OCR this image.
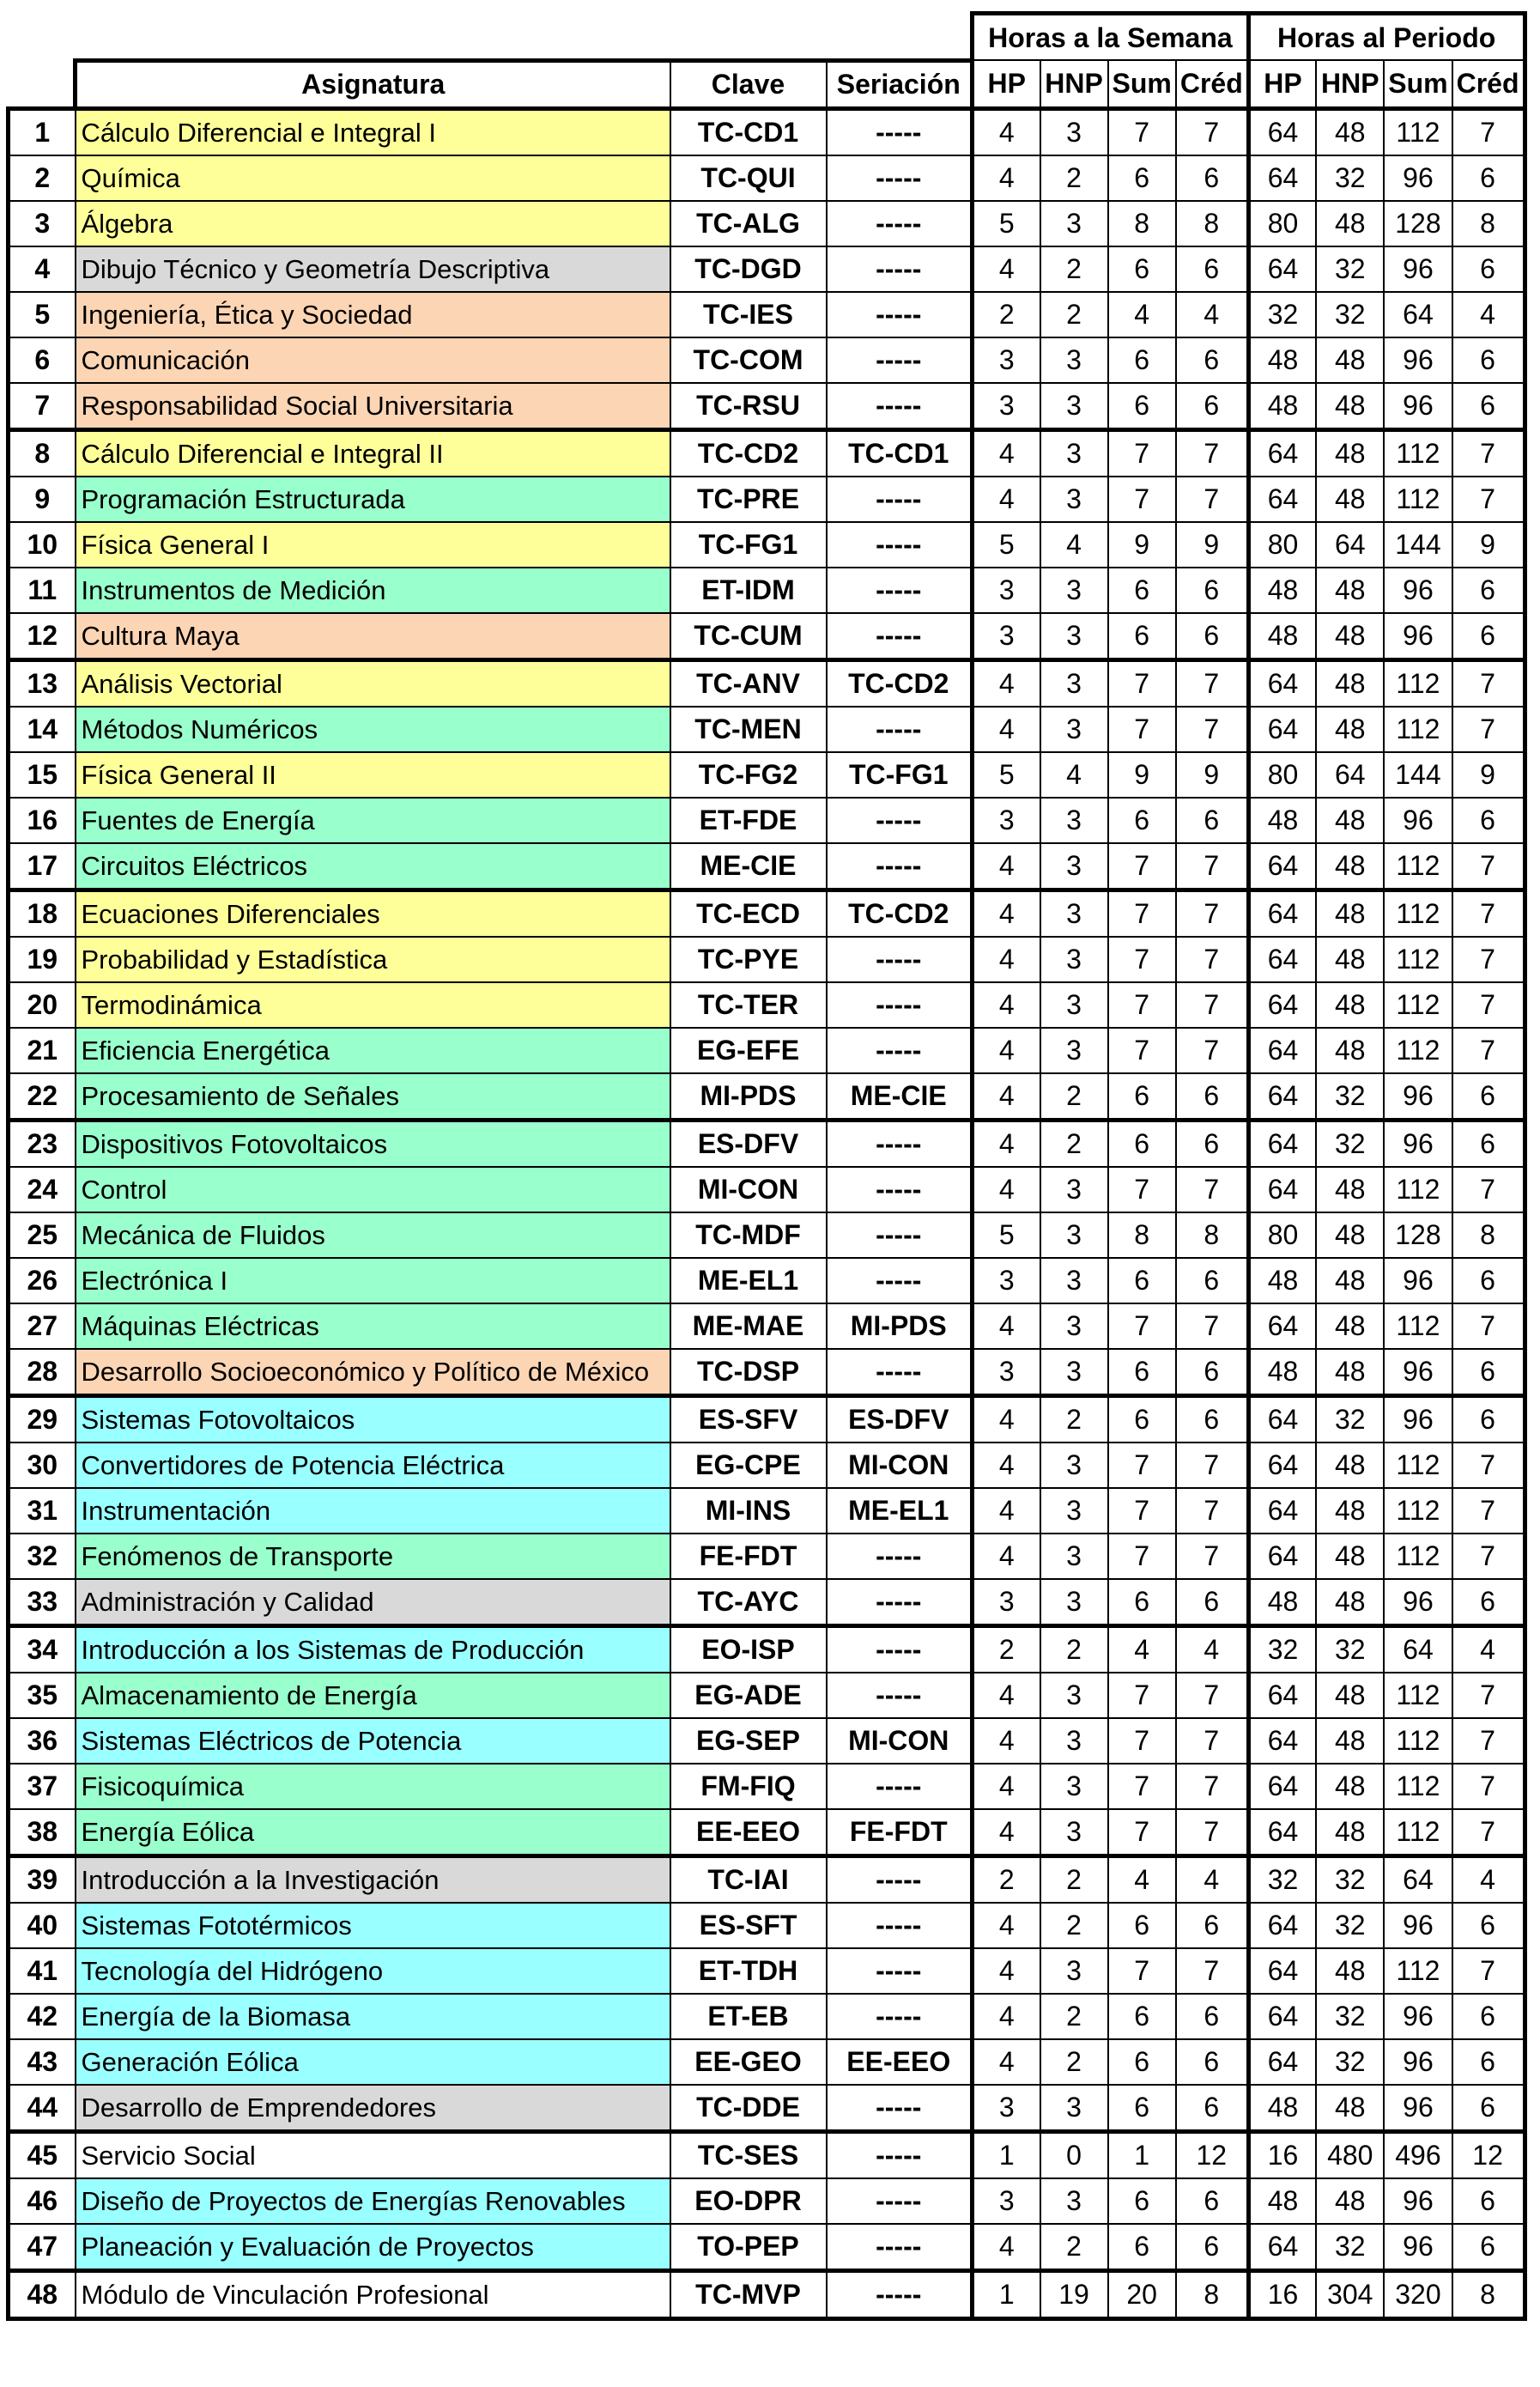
				Horas a la Semana				Horas al Periodo			
	Asignatura	Clave	Seriación	HP	HNP	Sum	Créd	HP	HNP	Sum	Créd
1	Cálculo Diferencial e Integral I	TC-CD1	-----	4	3	7	7	64	48	112	7
2	Química	TC-QUI	-----	4	2	6	6	64	32	96	6
3	Álgebra	TC-ALG	-----	5	3	8	8	80	48	128	8
4	Dibujo Técnico y Geometría Descriptiva	TC-DGD	-----	4	2	6	6	64	32	96	6
5	Ingeniería, Ética y Sociedad	TC-IES	-----	2	2	4	4	32	32	64	4
6	Comunicación	TC-COM	-----	3	3	6	6	48	48	96	6
7	Responsabilidad Social Universitaria	TC-RSU	-----	3	3	6	6	48	48	96	6
8	Cálculo Diferencial e Integral II	TC-CD2	TC-CD1	4	3	7	7	64	48	112	7
9	Programación Estructurada	TC-PRE	-----	4	3	7	7	64	48	112	7
10	Física General I	TC-FG1	-----	5	4	9	9	80	64	144	9
11	Instrumentos de Medición	ET-IDM	-----	3	3	6	6	48	48	96	6
12	Cultura Maya	TC-CUM	-----	3	3	6	6	48	48	96	6
13	Análisis Vectorial	TC-ANV	TC-CD2	4	3	7	7	64	48	112	7
14	Métodos Numéricos	TC-MEN	-----	4	3	7	7	64	48	112	7
15	Física General II	TC-FG2	TC-FG1	5	4	9	9	80	64	144	9
16	Fuentes de Energía	ET-FDE	-----	3	3	6	6	48	48	96	6
17	Circuitos Eléctricos	ME-CIE	-----	4	3	7	7	64	48	112	7
18	Ecuaciones Diferenciales	TC-ECD	TC-CD2	4	3	7	7	64	48	112	7
19	Probabilidad y Estadística	TC-PYE	-----	4	3	7	7	64	48	112	7
20	Termodinámica	TC-TER	-----	4	3	7	7	64	48	112	7
21	Eficiencia Energética	EG-EFE	-----	4	3	7	7	64	48	112	7
22	Procesamiento de Señales	MI-PDS	ME-CIE	4	2	6	6	64	32	96	6
23	Dispositivos Fotovoltaicos	ES-DFV	-----	4	2	6	6	64	32	96	6
24	Control	MI-CON	-----	4	3	7	7	64	48	112	7
25	Mecánica de Fluidos	TC-MDF	-----	5	3	8	8	80	48	128	8
26	Electrónica I	ME-EL1	-----	3	3	6	6	48	48	96	6
27	Máquinas Eléctricas	ME-MAE	MI-PDS	4	3	7	7	64	48	112	7
28	Desarrollo Socioeconómico y Político de México	TC-DSP	-----	3	3	6	6	48	48	96	6
29	Sistemas Fotovoltaicos	ES-SFV	ES-DFV	4	2	6	6	64	32	96	6
30	Convertidores de Potencia Eléctrica	EG-CPE	MI-CON	4	3	7	7	64	48	112	7
31	Instrumentación	MI-INS	ME-EL1	4	3	7	7	64	48	112	7
32	Fenómenos de Transporte	FE-FDT	-----	4	3	7	7	64	48	112	7
33	Administración y Calidad	TC-AYC	-----	3	3	6	6	48	48	96	6
34	Introducción a los Sistemas de Producción	EO-ISP	-----	2	2	4	4	32	32	64	4
35	Almacenamiento de Energía	EG-ADE	-----	4	3	7	7	64	48	112	7
36	Sistemas Eléctricos de Potencia	EG-SEP	MI-CON	4	3	7	7	64	48	112	7
37	Fisicoquímica	FM-FIQ	-----	4	3	7	7	64	48	112	7
38	Energía Eólica	EE-EEO	FE-FDT	4	3	7	7	64	48	112	7
39	Introducción a la Investigación	TC-IAI	-----	2	2	4	4	32	32	64	4
40	Sistemas Fototérmicos	ES-SFT	-----	4	2	6	6	64	32	96	6
41	Tecnología del Hidrógeno	ET-TDH	-----	4	3	7	7	64	48	112	7
42	Energía de la Biomasa	ET-EB	-----	4	2	6	6	64	32	96	6
43	Generación Eólica	EE-GEO	EE-EEO	4	2	6	6	64	32	96	6
44	Desarrollo de Emprendedores	TC-DDE	-----	3	3	6	6	48	48	96	6
45	Servicio Social	TC-SES	-----	1	0	1	12	16	480	496	12
46	Diseño de Proyectos de Energías Renovables	EO-DPR	-----	3	3	6	6	48	48	96	6
47	Planeación y Evaluación de Proyectos	TO-PEP	-----	4	2	6	6	64	32	96	6
48	Módulo de Vinculación Profesional	TC-MVP	-----	1	19	20	8	16	304	320	8
